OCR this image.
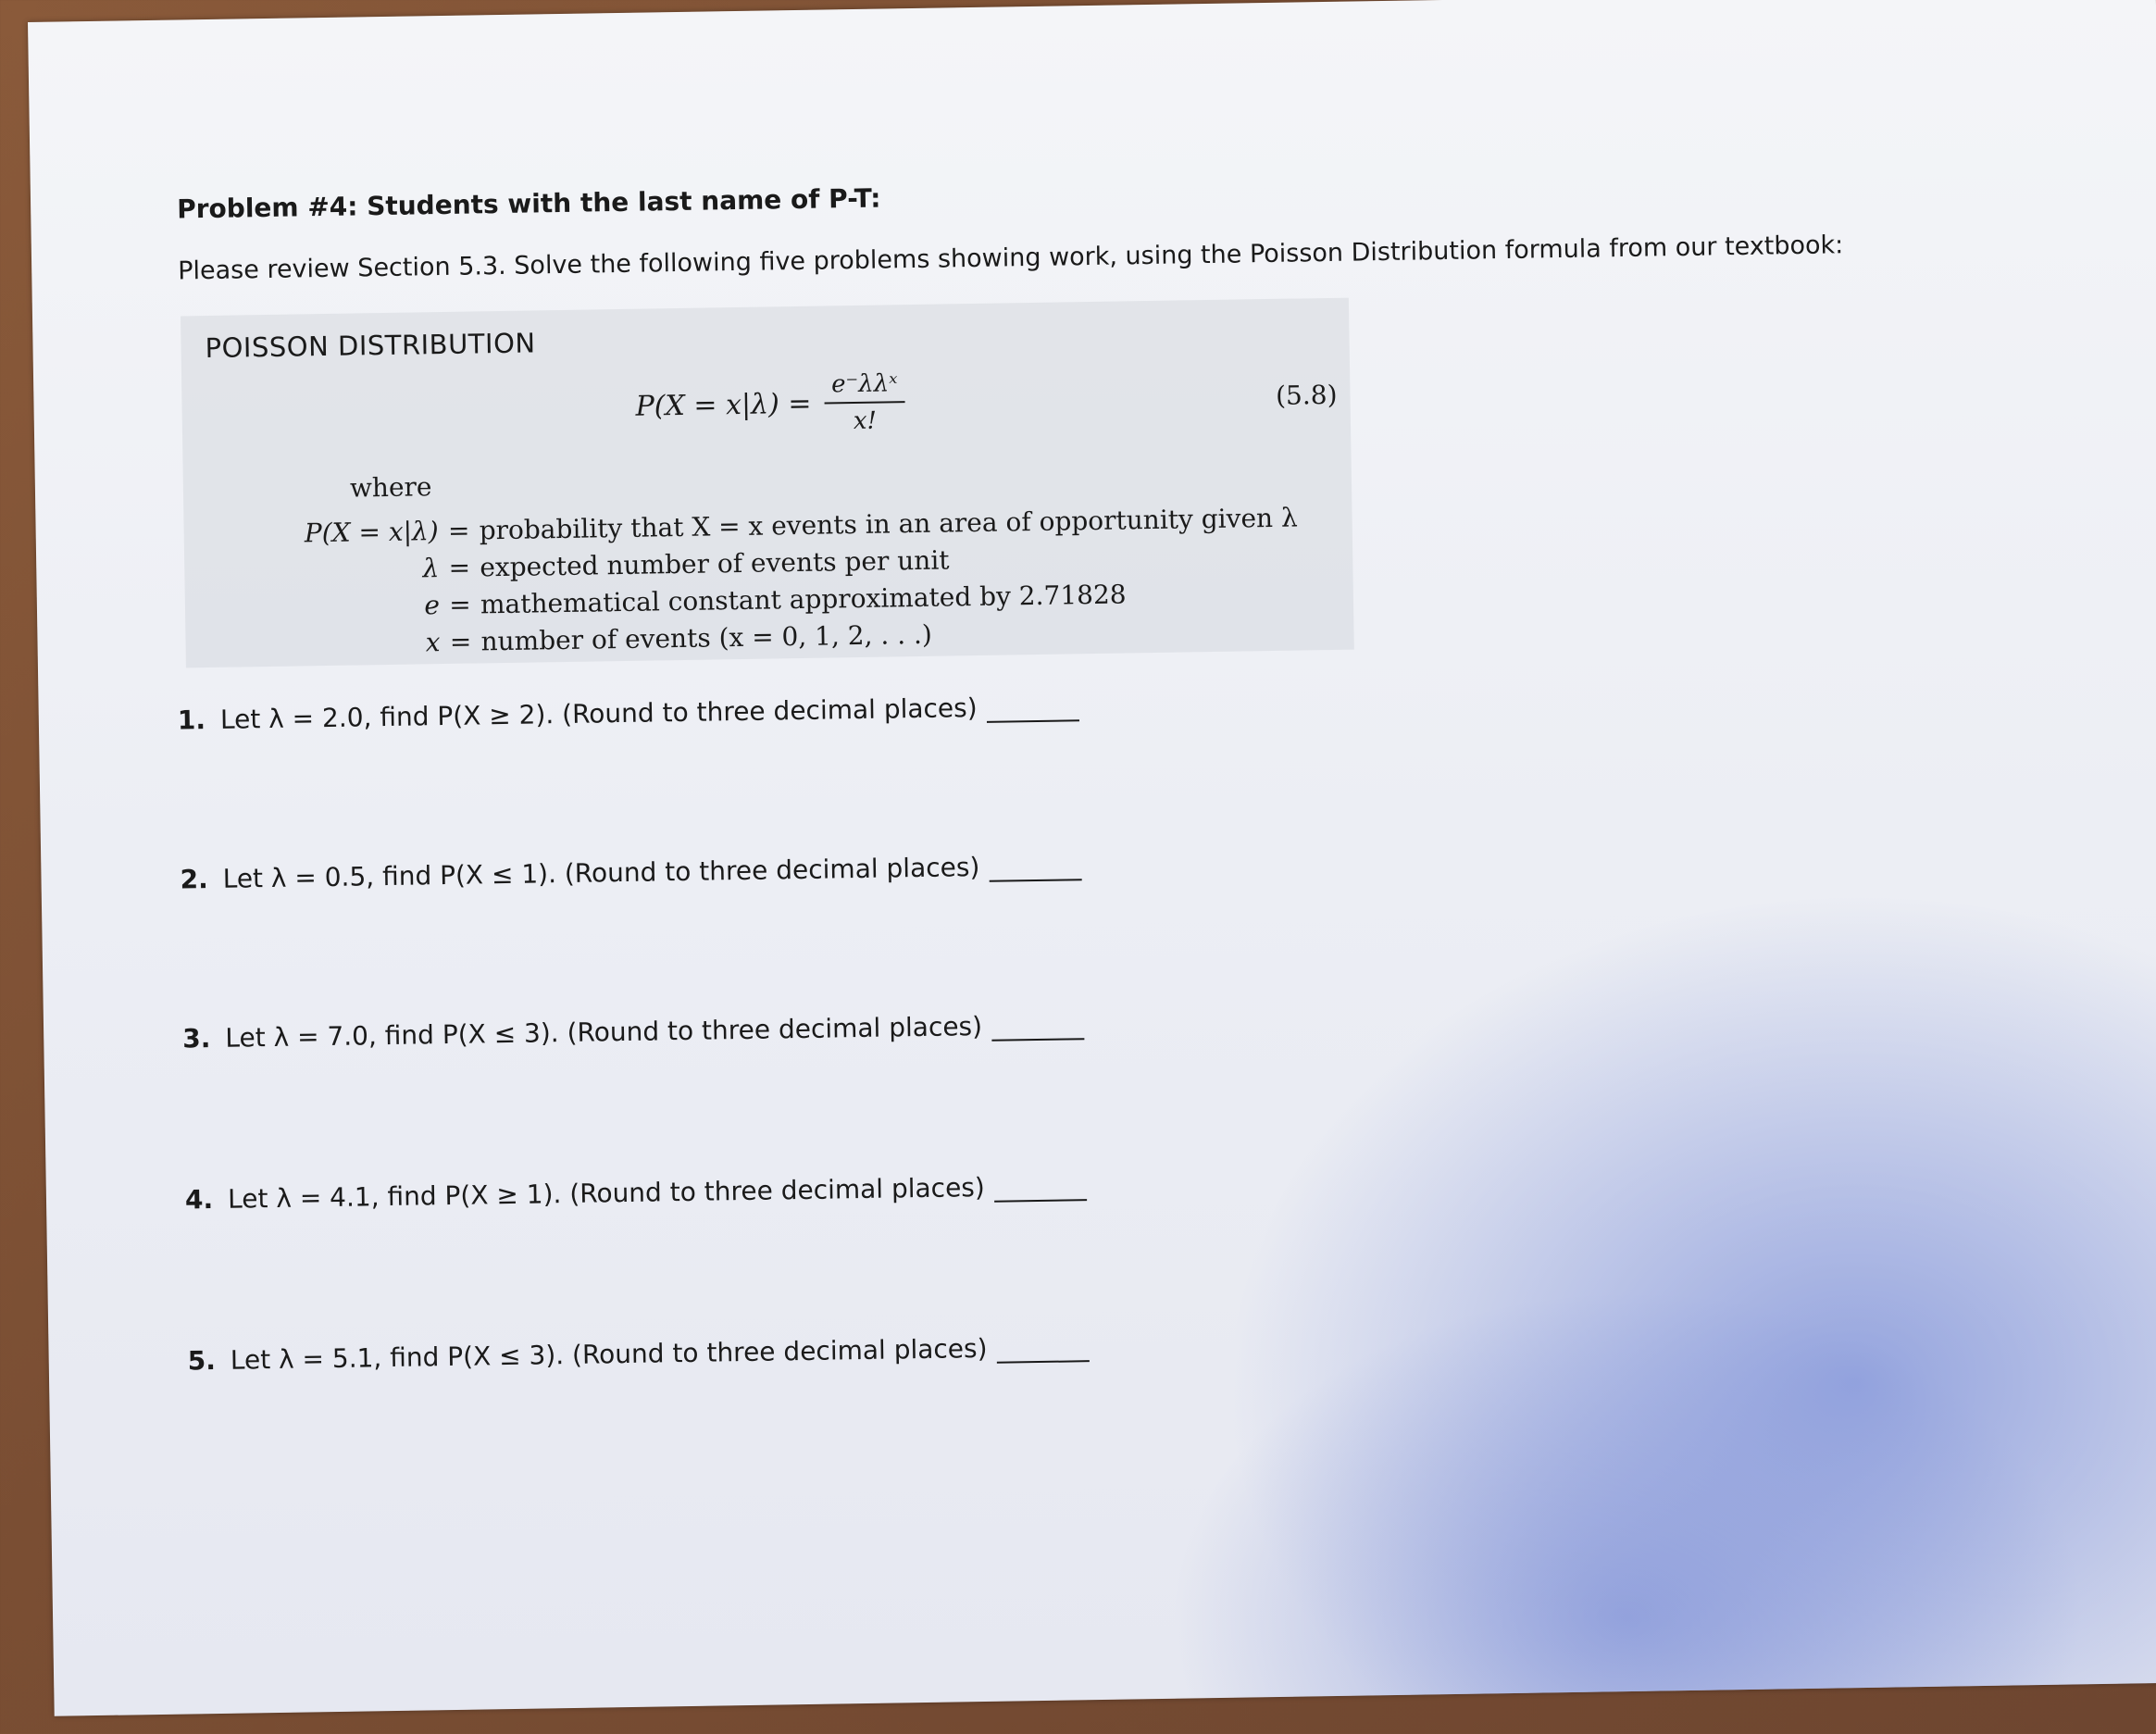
Problem #4: Students with the last name of P-T:
Please review Section 5.3. Solve the following five problems showing work, using the Poisson Distribution formula from our textbook:
POISSON DISTRIBUTION
$P(X = x|\lambda) = \frac{\text{e⁻λλˣ}}{x!}$	(5.8)
where
P(X = x|λ) = probability that X = x events in an area of opportunity given λ
λ = expected number of events per unit
e = mathematical constant approximated by 2.71828
x = number of events (x = 0, 1, 2, . . .)
1. Let λ = 2.0, find P(X ≥ 2). (Round to three decimal places)
2. Let λ = 0.5, find P(X ≤ 1). (Round to three decimal places)
3. Let λ = 7.0, find P(X ≤ 3). (Round to three decimal places)
4. Let λ = 4.1, find P(X ≥ 1). (Round to three decimal places)
5. Let λ = 5.1, find P(X ≤ 3). (Round to three decimal places)
